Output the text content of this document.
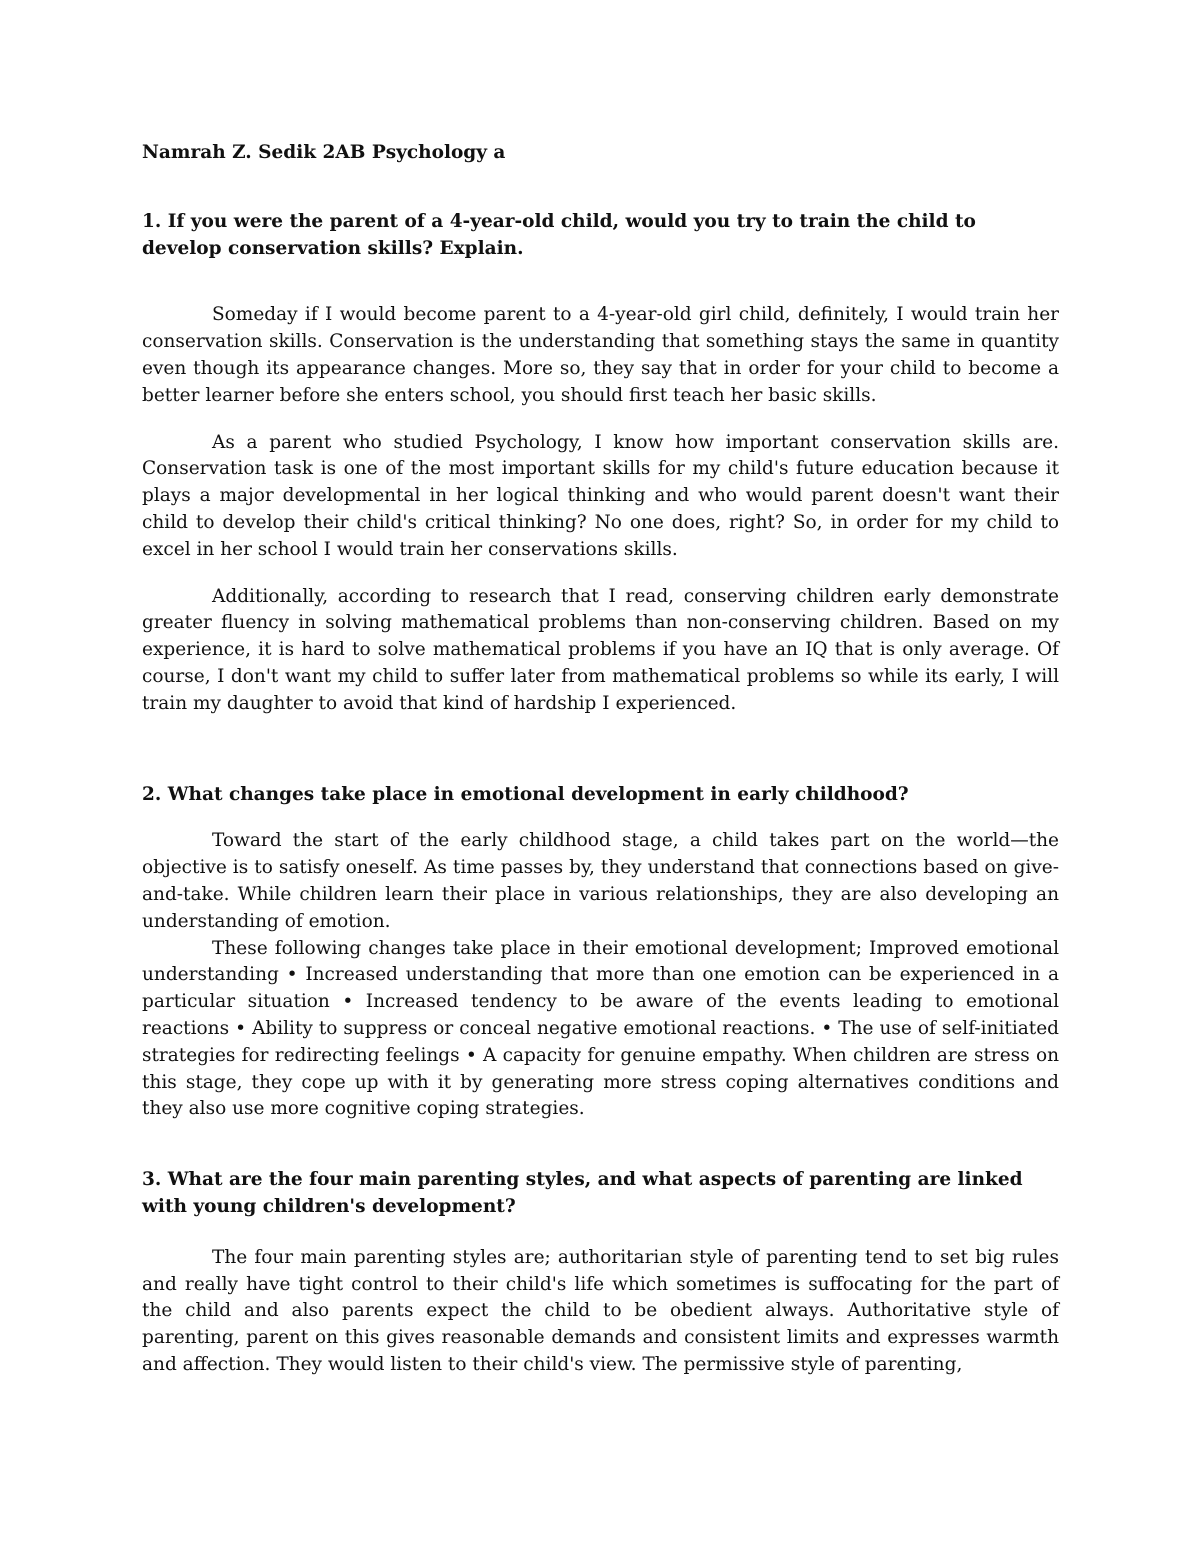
Namrah Z. Sedik 2AB Psychology a

1. If you were the parent of a 4-year-old child, would you try to train the child to develop conservation skills? Explain.

Someday if I would become parent to a 4-year-old girl child, definitely, I would train her conservation skills. Conservation is the understanding that something stays the same in quantity even though its appearance changes. More so, they say that in order for your child to become a better learner before she enters school, you should first teach her basic skills.

As a parent who studied Psychology, I know how important conservation skills are. Conservation task is one of the most important skills for my child's future education because it plays a major developmental in her logical thinking and who would parent doesn't want their child to develop their child's critical thinking? No one does, right? So, in order for my child to excel in her school I would train her conservations skills.

Additionally, according to research that I read, conserving children early demonstrate greater fluency in solving mathematical problems than non-conserving children. Based on my experience, it is hard to solve mathematical problems if you have an IQ that is only average. Of course, I don't want my child to suffer later from mathematical problems so while its early, I will train my daughter to avoid that kind of hardship I experienced.

2. What changes take place in emotional development in early childhood?

Toward the start of the early childhood stage, a child takes part on the world—the objective is to satisfy oneself. As time passes by, they understand that connections based on give-and-take. While children learn their place in various relationships, they are also developing an understanding of emotion.

These following changes take place in their emotional development; Improved emotional understanding • Increased understanding that more than one emotion can be experienced in a particular situation • Increased tendency to be aware of the events leading to emotional reactions • Ability to suppress or conceal negative emotional reactions. • The use of self-initiated strategies for redirecting feelings • A capacity for genuine empathy. When children are stress on this stage, they cope up with it by generating more stress coping alternatives conditions and they also use more cognitive coping strategies.

3. What are the four main parenting styles, and what aspects of parenting are linked with young children's development?

The four main parenting styles are; authoritarian style of parenting tend to set big rules and really have tight control to their child's life which sometimes is suffocating for the part of the child and also parents expect the child to be obedient always. Authoritative style of parenting, parent on this gives reasonable demands and consistent limits and expresses warmth and affection. They would listen to their child's view. The permissive style of parenting,
